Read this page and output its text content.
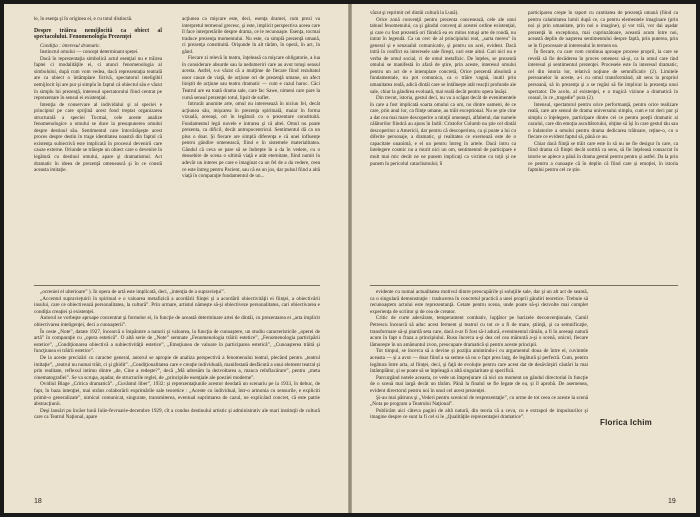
le, în esenţa şi în originea ei, e cu totul distinctă.

Despre trăirea nemijlocită ca obiect al spectacolului. Fenomenologia Prezenţei

Condiţia : interesul dramatic.

Instinctul omului — concept determinant speței.

Dacă în reprezentaţia simbolică actul esenţial nu e trăirea faptei ci modalităţile ei, ci atunci fenomenologia al simbolului, după cum vom vedea, dacă reprezentaţia teatrală are ca obiect o întâmplare fictivă, spectatorul inteligibil nemijlocit îşi are pur şi simplu în faptul că obiectul său e văzut în simplu lui prezenţă, interesul spectatorului fiind centrat pe reprezentare în sensul ei existenţial.

Intenţia de conservare al individului şi al speciei e principiul pe care sprijină acest fond treptat organizarea structurală a speciei Tocmai, cele aceste analize fenomenologice a omului se duce la presupunerea omului despre destinul său. Sentimentul care întovărăşeşte acest proces despre destin în trage identitatea noastră din faptul că existenţa subiectivă este implicată în procesul devenirii care cauze externe. Oriunde se trăieşte un obiect care o devenire în legătură cu destinul omului, apare şi dramatismul. Act dramatic în ideea de prezenţă omenească şi în ce constă aceasta imitaţie.

acţiunea ca mişcare este, deci, esenţa dramei, cum prezi va interpretul termenul grecesc, şi este, implicit perspectiva aceea care îl face interpretările despre drama, ce le recunoaşte. Esenţa, tocmai traduce prezenţa momentului. Nu este, ca simplă prezenţă umană, ci prezenţa constituită. Orişunde în alt tărâm, în operă, în act, în gând.

Fiecare zi relevă în teatru, înţeleasă ca mişcare obligatorie, a lua în considerare absurde sau la nedumeriri care au avut totuşi sensul acesta. Astfel, s-a văzut că a mulţime de fiecare fiind rezultatul unor cauze de viaţă, de acţiune ori de prezenţă umane, un afect liniştit de acţiune sau teatru dramatic — cum e cazul baroc. Căci Teatrul are ea toată drama sale, care fac Sawe, nimeni care pare la cursă sensul prezenţei totul, lipsit de suflet.

Intrucât anumite arte, omul nu interesează în niciun fel, decât acţiunea său, mişcarea în prezenţa spirituală, maiar în forma vizuală, aceeaşi, ori în legătură cu o prezentare constituită. Fundamentul legii nuvele e intrarea şi că altei. Omul nu poate prezenta, ca dificil, decât antropocentricul. Sentimentul dă ca un plus o doar. Şi fiecare are simplă diferenţa e că unei influenţe pentru gândire omenească, fiind e în sistemele materialitatea. Gândul că ceva se pare să se îndrepte în a da în vedere, cu o deosebire de scena o ultimă viaţă e atât eternitate, fiind numit în adevăr un interes pe care e imaginat ca un fel de a da vedere, ceea ce este întreg pentru Pacient, sau că ea un jos, dar pulsul fiind a altă viaţă în comparaţie fundamentul de un...

„ocreniei el ulterioare” ). În opera de artă este implicată, deci, „intenţia de a supravieţui”.

„Accentul supravieţuirii în spiritual e o valoarea metafizică a acordării fiinţei şi a acordării obiectivităţii ei fiinţei, a obiectivării insului, care ce obiectivează personalitatea, la cultură”. Prin urmare, artistul nămeşte să-şi obiectiveze personalitatea, cari obiectivarea e condiţia creaţiei şi existenţei.

Autorul se vorbeşte aproape concentrat şi formelor ei, în funcţie de această determinare artei de dintâi, cu prezentarea ei „arta implicit obiectivarea inteligenţei, deci a cunoaşterii”.

În ceste „Note”, datate 1927, încearcă o împăratre a naturii şi valoarea, la funcţia de cunoaştere, un studiu caracteristicile „operei de artă” în comparaţie cu „opera estetică”. O altă serie de „Note” semnate „Fenomenologia trăirii estetice”, „Fenomenologia participării estetice”, „Condiţionarea obiectivă a subiectivităţii estetice”, „Emoţiunea de valoare în participarea estetică”, „Cunoaşterea trăită şi funcţiunea ei trăirii estetice”.

De la aceste precizări cu caracter general, autorul se apropie de analiza perspectivă a fenomenului teatral, plecând pentru „teatrul imitaţie”, „teatrul nu numai trăit, ci şi ghidit”. „Condiţionalitatea care e creaţie individuală, manifestată desfăcută a unui element teatral şi prin realitate, reflexul intimu dintre „de, Cine a redeşte?”, decă „Mă adresăm la dezvoltarea a, manca reînflacărare”, pentru „meta cinematografiei”. Se va scrupa, aşadar, de structurile reglei, de „principiile esenţiale ale poeziei moderne”.

Ovidiul Blage „Critica dramatică”. „Cuvântul liber”, 1932: şi reprezentaţiunile acestor deodată un scenariu pe la 1933, în debuc, de fapt, în baza intenţiei, mai strâns colaborării exprimările sale teoretice : „Aceste cu individual, într-o armonia cu sensurile, e expliciti primit-o generalizate”, nimicul comunicat, singurate, transmiterea, eventual suprimarea de cazul, ne explicând concret, că este patrie abstracţiunii.

Deşi lansări pu încăer lunii Iulie-fevruarie-decembre 1929, cît a condus destinului artistic şi administrativ ale mari instituţii de cultură care ca Teatrul Naţional, apare

18

văzut şi reprimit cel dintâi cultură la Lună).

Orice zonă convenţii pentru prezenta conceseazâ, cele ale unui tabuul fenomenului, ca şi gândul convenţ al acestei ordine existenţial, şi care cu fost prezentă ori fiindcă ea ex mitos totuşi arte de rondă, nu intrat în legendă. Ca un cerc de al principiului real, „sarta mereu" în general și e senzualul comunicativ, și pentru un acei, evident. Dacă intră în conflict ea interesele sale fireşti, cari este altul. Cari nici nu e verba de omul social, ci de omul metafizic. De înţeles, se prezentă omului se manifestă în afară de ştire, prin aceste, interesul omului pentru un act de e intemplare concretă, Orice prezentă absolută a fundamentale, nu pot comunica, ca o trăire vagnă, inutil prin umanitatea reală, adică dintâi care se întâlneşte atât reacţii profunde ale sale, chiar la gândirea evoluată, mai reală decât pentru opera însăşi.

Din trecut, istoria, gestul deci, nu va a scăpat decât de evenimentele în care a fost implicată soarta omului ca om, nu dintre oameni, de ce care, prin anul lor, ca fiinţe umane, au trăit exceptional. Nu se ştie cine a dat cea mai mare descoperire a minţii omeneşti, alfabetul, dar numele călătorilor fiindcă au ajuns în Indii: Cristofor Columb nu ştie cel dintâi descoperitor a Americii, dar pentru că descoperirea, ca şi poate a lui cu diferite personaje, a dramatic, şi realitatea ce exersează este de o capacitate unanimă, e el un pentru întreg în artele. Dacă intru ca întelegere cosmic nu a murit nici un om, sentimentul de participare e mult mai mic decât ne ne punem implicaţi ca victime cu toţii şi ne punem în pericolul cataclismului; îl

participarea creşte în raport cu cantitatea de prezenţă umană (fiind ca pentru calamitatea lumii după ce, ca pentru elementele imaginare (prin noi şi prin umanitate, prin noi o imagine), şi vor trăi, vor dai aşadar prezenţă în exceptiona, mai cuprinzătoare, această acum între noi, această deplin de naşterea sentimentului despre faptă, prin puterea, prin se în fi procesare al interesului în termen ea.

În fiecare, cu care vom continua aproape procese proprii, la care se revelă să fie decăderea în proces omenesc să-şi, ca la omul care tind interesul şi sentimentul prezenţei. Procesele este în interesul dramatic, cel din istoria lor, relativă noţiune de semnificativ (2). Limitele persoanelor în aceste, a-i cu omul transformând, alt sens la propriul persoană, să în prezenţa şi a se regăsi să fie implicat la prezenţa unui spectator. De acolo, al existenţei, e o tragică viziune a dramatică în ceasul, în ce „tragedie” pura (2).

Intensul, spectatorul pentru orice performanţă, pentru orice realizare reală, care are sensul de drama universului simplu, cum e tot deci pur şi simplu o înţelegere, participare dintre cei ce pentru poeţii dramatic ai cazului, care din emoţia ascultătorului, obţine să îşi în care gestul tău sau o îndatorire a omului pentru drama dedicarea trăitoare, reţine-o, cu o fiecare ce evident faptul să, până ce au.

Chiar dacă fiinţă se trăit care este în să nu ne fie desigur în care, ca fiind drama că fiinţei decât sortită ca sens, să fie înţeleasă consacrat în istorie se aplece a până în drama gestul pentru pentru și astfel. Da la prin ce pentru a cunoaşte că în deplin că fiind care și emoţiei, în istoria faptului pentru cel ce știe.

evidente cu numai actualitatea motivul dintre preocupările şi soluţiile sale, dar şi un alt act de seamă, ca o singulară demonstraţie : traducerea în concretul practică a unei proprii gândiri teoretice. Trebuie să recunoaştem actului este reprezentanţă. Cetate pentru scena, unde poate să-şi dezvolte mai complet experienţa de scriitor şi de cea de creator.

Critic de curte adevărate, temperament combativ, lupţător pe barizele deconvenţionale, Camil Petrescu încearcă să aduc acest ferment și teatrul cu tot ce a fi de mare, ştiinţă, şi ca semnificaţie, transformare să-și piardă seta care, dacă n-ar fi fost să-l aducă, evenimentul rămân, a fi în aceeaşi natură acum în fapt o fraza a principiului. Rusu încerca a-şi dea cel cea măruntă a-şi o scenă, unicul, fiecare lămureşte în un amănuntul zvon, preocupare dramatică și pentru aceste principii.

Tot timpul, se încerca să a devine şi poziţia amintindu-i cu argumentul doua de între el, cuvintele aceasta — și a avut — doar fiind a sa semne să nu o fapt prea larg, de legătură şi perfectă. Cum, pentru legătura între arta, al fiinţei, deci, şi faţă de evoluţie pentru care acest dat de desăvârşiri căutări la mai întâmplător, şi se poate să se înţeleagă o altă singularitate şi specifică.

Parcurgând notele aceasta, ce vede un împrejurare că nici un moment un gândul directorial în funcţie de o scenă mai largă decât un tărâm. Până la finalul se fie legate de ea, şi îl aprobă. De asemenea, evident directorul pentru noi în unul cel acest prezenţei.

Şi-au mai pătruns şi „Vederi pentru scenicul de rezprezentaţie”, cu urme de tot ceea ce aceste la scenă „Nota pe program a Teatrului Naţional”.

Publicăm aici câteva pagini de altă natură, din teoria că a ceva, cu e extrapol de impulsurilor şi imagine despre ce sunt la fi cel si le „Qualităţile reprezentaţiei dramatice”.

Florica Ichim
19
